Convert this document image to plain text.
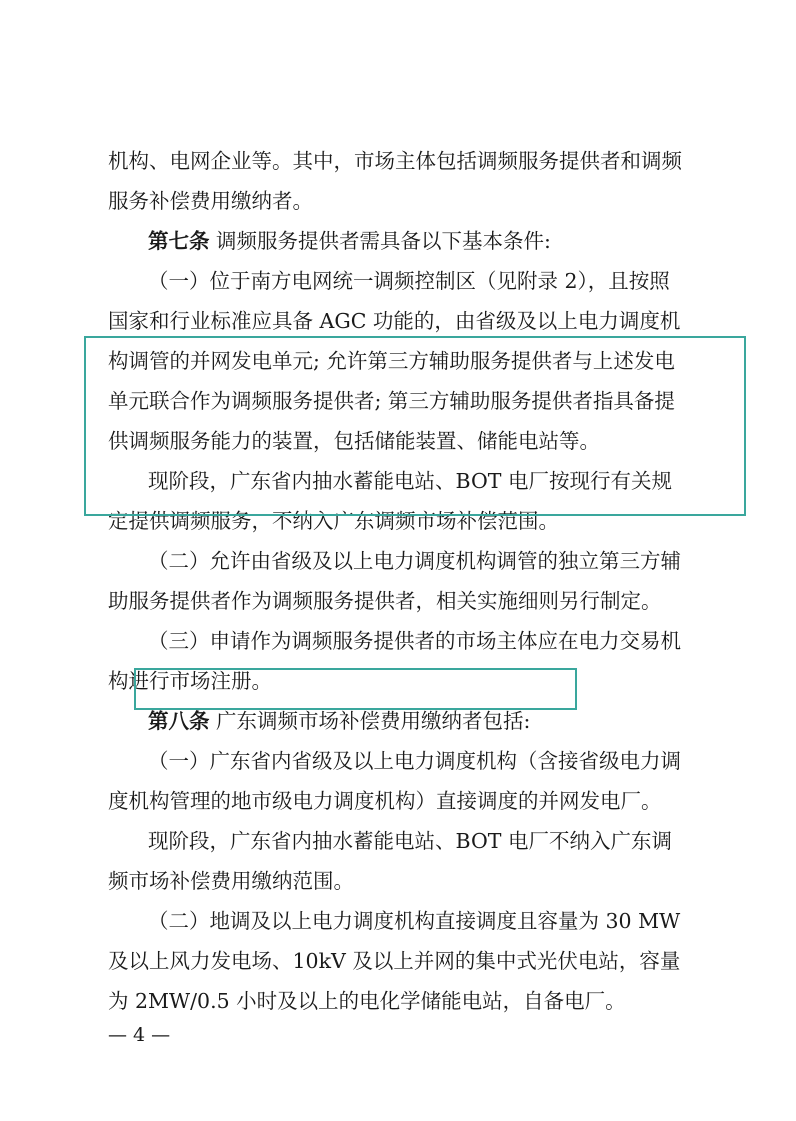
机构、电网企业等。其中，市场主体包括调频服务提供者和调频
服务补偿费用缴纳者。
第七条 调频服务提供者需具备以下基本条件:
（一）位于南方电网统一调频控制区（见附录 2），且按照
国家和行业标准应具备 AGC 功能的，由省级及以上电力调度机
构调管的并网发电单元; 允许第三方辅助服务提供者与上述发电
单元联合作为调频服务提供者; 第三方辅助服务提供者指具备提
供调频服务能力的装置，包括储能装置、储能电站等。
现阶段，广东省内抽水蓄能电站、BOT 电厂按现行有关规
定提供调频服务，不纳入广东调频市场补偿范围。
（二）允许由省级及以上电力调度机构调管的独立第三方辅
助服务提供者作为调频服务提供者，相关实施细则另行制定。
（三）申请作为调频服务提供者的市场主体应在电力交易机
构进行市场注册。
第八条 广东调频市场补偿费用缴纳者包括:
（一）广东省内省级及以上电力调度机构（含接省级电力调
度机构管理的地市级电力调度机构）直接调度的并网发电厂。
现阶段，广东省内抽水蓄能电站、BOT 电厂不纳入广东调
频市场补偿费用缴纳范围。
（二）地调及以上电力调度机构直接调度且容量为 30 MW
及以上风力发电场、10kV 及以上并网的集中式光伏电站，容量
为 2MW/0.5 小时及以上的电化学储能电站，自备电厂。
— 4 —
